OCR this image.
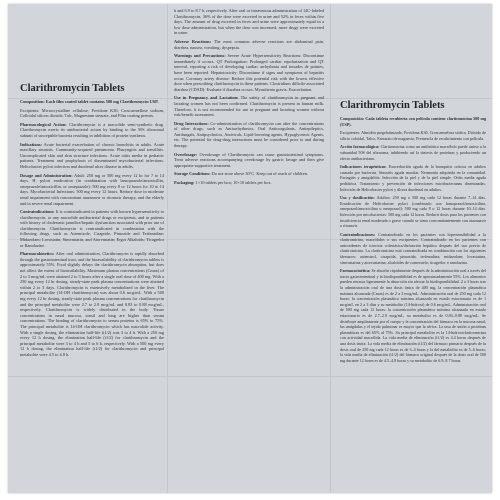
Clarithromycin Tablets

Composition: Each film coated tablet contains 500 mg Clarithromycin USP.

Excipients: Microcrystalline cellulose, Povidone K30, Croscarmellose sodium, Colloidal silicon dioxide, Talc, Magnesium stearate, and Film coating premix.

Pharmacological Action: Clarithromycin is a macrolide semi-synthetic drug. Clarithromycin exerts its antibacterial action by binding to the 50S ribosomal subunit of susceptible bacteria resulting in inhibition of protein synthesis.

Indications: Acute bacterial exacerbation of chronic bronchitis in adults. Acute maxillary sinusitis. Community-acquired pneumonia. Pharyngitis and tonsillitis. Uncomplicated skin and skin structure infections. Acute otitis media in pediatric patients. Treatment and prophylaxis of disseminated mycobacterial infections. Helicobacter pylori infection and duodenal ulcer disease in adults.

Dosage and Administration: Adult: 250 mg or 500 mg every 12 hr for 7 to 14 days. H. pylori eradication (in combination with lansoprazole/amoxicillin, omeprazole/amoxicillin, or omeprazole): 500 mg every 8 or 12 hours for 10 to 14 days. Mycobacterial Infections: 500 mg every 12 hours. Reduce dose in moderate renal impairment with concomitant atazanavir or ritonavir therapy, and the elderly and in severe renal impairment.

Contraindications: It is contraindicated in patients with known hypersensitivity to clarithromycin, or any macrolide antibacterial drugs or excipients, and in patients with history of cholestatic jaundice/hepatic dysfunction associated with prior use of clarithromycin. Clarithromycin is contraindicated in combination with the following drugs, such as Astemizole, Cisapride, Pimozide and Terfenadine; Midazolam; Lovastatin, Simvastatin, and Atorvastatin; Ergot Alkaloids; Ticagrelor or Ranolazine.

Pharmacokinetics: After oral administration, Clarithromycin is rapidly absorbed through the gastrointestinal tract, and the bioavailability of clarithromycin tablets is approximately 55%. Food slightly delays the clarithromycin absorption, but does not affect the extent of bioavailability. Maximum plasma concentrations (Cmax) of 2 to 3 mcg/mL were attained 2 to 3 hours after a single oral dose of 400 mg. With a 250 mg every 12 hr dosing, steady-state peak plasma concentrations were attained within 2 to 3 days. Clarithromycin is extensively metabolized in the liver. The principal metabolite (14-OH clarithromycin) was about 0.6 mcg/mL. With a 500 mg every 12 hr dosing, steady-state peak plasma concentrations for clarithromycin and the principal metabolite were 2.7 to 2.9 mcg/mL and 0.83 to 0.88 mcg/mL, respectively. Clarithromycin is widely distributed in the body. Tissue concentrations in nasal mucosa, tonsil and lung are higher than serum concentrations. The binding of clarithromycin to serum proteins is 65% to 75%. The principal metabolite is 14-OH clarithromycin which has macrolide activity. With a single dosing, the elimination half-life (t1/2) was 3 to 4 h. With a 250 mg every 12 h dosing, the elimination half-life (t1/2) for clarithromycin and the principal metabolite were 3 to 4 h and 5 to 6 h, respectively. With a 500 mg every 12 h dosing, the elimination half-life (t1/2) for clarithromycin and principal metabolite were 4.5 to 4.8 h.

h and 6.9 to 8.7 h, respectively. After oral or intravenous administration of 14C-labeled Clarithromycin, 36% of the dose were excreted in urine and 52% in feces within five days. The amount of drug excreted in feces and urine were approximately equal in a low dose administration, but when the dose was increased, more drugs were excreted in urine.

Adverse Reactions: The most common adverse reactions are abdominal pain, diarrhea, nausea, vomiting, dyspepsia.

Warnings and Precautions: Severe Acute Hypersensitivity Reactions: Discontinue immediately if occurs. QT Prolongation: Prolonged cardiac repolarization and QT interval, reporting a risk of developing cardiac arrhythmia and torsades de pointes, have been reported. Hepatotoxicity: Discontinue if signs and symptoms of hepatitis occur. Coronary artery disease: Reduce this potential risk with the lowest effective dose when prescribing clarithromycin in these patients. Clostridium difficile associated diarrhea (CDAD): Evaluate if diarrhea occurs. Myasthenia gravis: Exacerbation.

Use in Pregnancy and Lactation: The safety of clarithromycin in pregnant and lactating women has not been confirmed. Clarithromycin is present in human milk. Therefore, it is not recommended for use in pregnant and lactating women without risk/benefit assessment.

Drug Interactions: Co-administration of clarithromycin can alter the concentrations of other drugs, such as Antiarrhythmics, Oral Anticoagulants, Antiepileptics, Antifungals, Antipsychotics, Antivirals, Lipid-lowering agents, Hypoglycemic Agents, etc. The potential for drug-drug interactions must be considered prior to and during therapy.

Overdosage: Overdosage of Clarithromycin can cause gastrointestinal symptoms. Treat adverse reactions accompanying overdosage by gastric lavage and then give appropriate supportive treatment.

Storage Conditions: Do not store above 30°C. Keep out of reach of children.

Packaging: 1×10 tablets per box; 10×10 tablets per box.

Clarithromycin Tablets

Composición: Cada tableta recubierta con película contiene claritromicina 500 mg (USP).

Excipientes: Almidón pregelatinizado, Povidona K30, Croscarmelosa sódica, Dióxido de silicio coloidal, Talco, Estearato de magnesio, Premezcla de recubrimiento con película.

Acción farmacológica: Claritromicina como un antibiótico macrólido puede unirse a la subunidad 50S del ribosoma, inhibiendo así la síntesis de proteínas y produciendo un efecto antibacteriano.

Indicaciones terapéuticas: Exacerbación aguda de la bronquitis crónica en adultos causada por bacterias. Sinusitis aguda maxilar. Neumonía adquirida en la comunidad. Faringitis y amigdalitis. Infección de la piel y de la piel simple. Otitis media aguda pediátrica. Tratamiento y prevención de infecciones micobacterianas diseminadas. Infección de Helicobacter pylori y úlcera duodenal en adultos.

Uso y dosificación: Adultos: 250 mg o 500 mg cada 12 horas durante 7–14 días. Erradicación de Helicobacter pylori (combinado con lansoprazol/amoxicilina, omeprazol/amoxicilina u omeprazol): 500 mg cada 8 o 12 horas durante 10–14 días. Infección por micobacterias: 500 mg cada 12 horas. Reducir dosis para los pacientes con insuficiencia renal moderada o grave cuando se toma concomitantemente con atazanavir o ritonavir.

Contraindicaciones: Contraindicado en los pacientes con hipersensibilidad a la claritromicina, macrólidos o sus excipientes. Contraindicado en los pacientes con antecedentes de ictericia colestásica/disfunción hepática después del uso previo de claritromicina. La claritromicina está contraindicada en combinación con los siguientes fármacos: astemizol, cisaprida, pimozida, terfenadina; midazolam; lovastatina, simvastatina y atorvastatina; alcaloides de cornezuelo; ticagrelor o ranolazina.

Farmacocinética: Se absorbe rápidamente después de la administración oral a través del tracto gastrointestinal y la biodisponibilidad es de aproximadamente 55%. Los alimentos pueden retrasar ligeramente la absorción sin afectar la biodisponibilidad. 2 a 3 horas tras la administración oral de una dosis única de 400 mg, la concentración plasmática máxima alcanzada (Cmax) es de 2 a 3 mcg/mL. Administración oral de 250 mg cada 12 horas: la concentración plasmática máxima alcanzada en estado estacionario es de 1 mcg/mL en 2 a 3 días y su metabolito (14-hidroxi) de 0.6 mcg/mL. Administración oral de 500 mg cada 12 horas: la concentración plasmática máxima alcanzada en estado estacionario es de 2.7–2.9 mcg/mL, su metabolito es de 0.83–0.88 mcg/mL. Se distribuye ampliamente por el cuerpo y la concentración del fármaco en la mucosa nasal, las amígdalas y el tejido pulmonar es mayor que la sérica. La tasa de unión a proteínas plasmáticas es del 65% al 75%. Su principal metabolito es la 14-hidroxiclaritromicina con actividad macrólida. La vida media de eliminación (t1/2) es 4.4 horas después de una dosis única. La vida media de eliminación (t1/2) del fármaco primario después de la dosis oral de 250 mg cada 12 horas es de 3–4 horas y la del metabolito es de 5–6 horas; la vida media de eliminación (t1/2) del fármaco original después de la dosis oral de 500 mg durante 12 horas es de 4.5–4.8 horas y su metabolito de 6.9–8.7 horas.
